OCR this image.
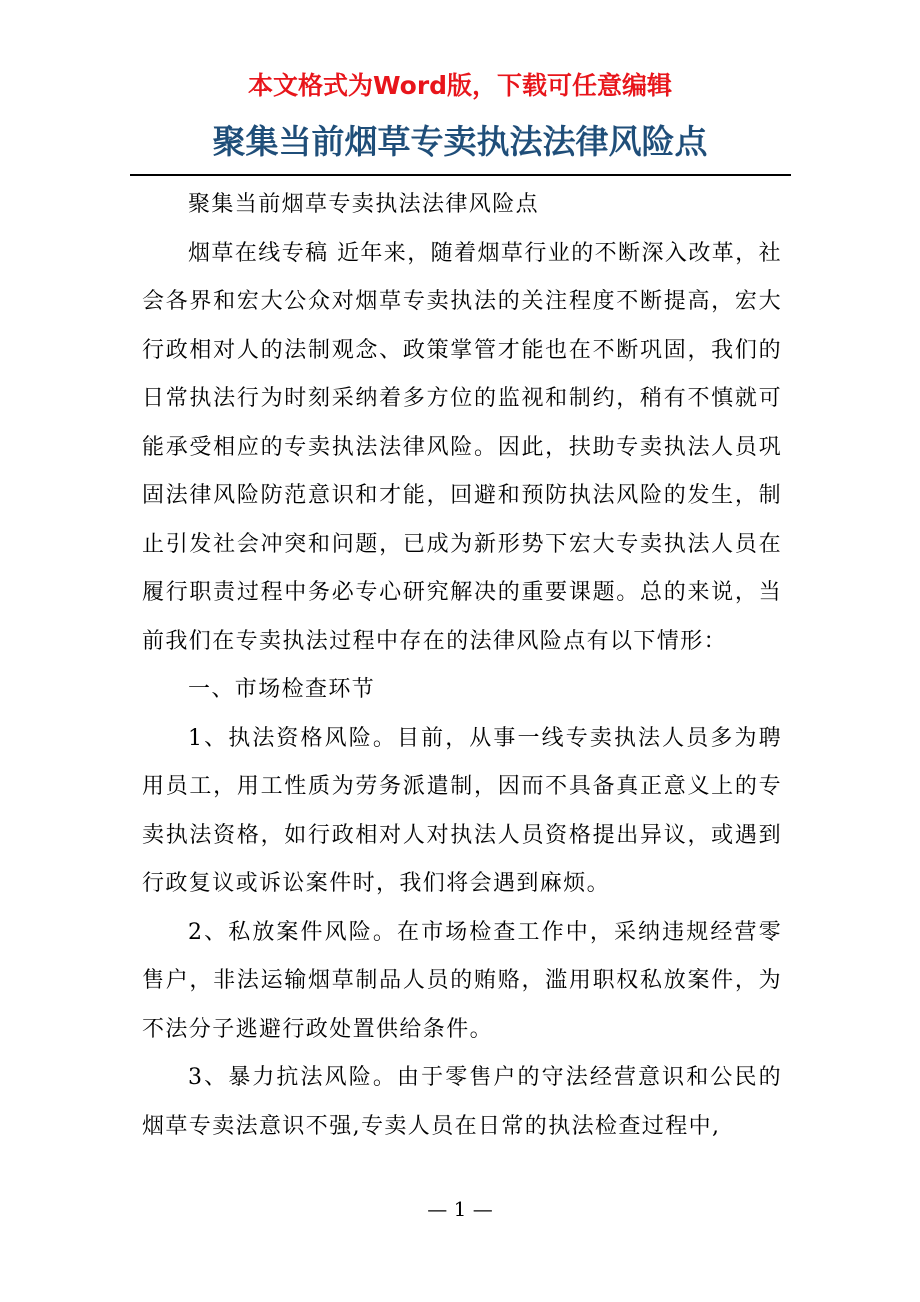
本文格式为Word版，下载可任意编辑
聚集当前烟草专卖执法法律风险点

聚集当前烟草专卖执法法律风险点

烟草在线专稿 近年来，随着烟草行业的不断深入改革，社会各界和宏大公众对烟草专卖执法的关注程度不断提高，宏大行政相对人的法制观念、政策掌管才能也在不断巩固，我们的日常执法行为时刻采纳着多方位的监视和制约，稍有不慎就可能承受相应的专卖执法法律风险。因此，扶助专卖执法人员巩固法律风险防范意识和才能，回避和预防执法风险的发生，制止引发社会冲突和问题，已成为新形势下宏大专卖执法人员在履行职责过程中务必专心研究解决的重要课题。总的来说，当前我们在专卖执法过程中存在的法律风险点有以下情形：

一、市场检查环节

1、执法资格风险。目前，从事一线专卖执法人员多为聘用员工，用工性质为劳务派遣制，因而不具备真正意义上的专卖执法资格，如行政相对人对执法人员资格提出异议，或遇到行政复议或诉讼案件时，我们将会遇到麻烦。

2、私放案件风险。在市场检查工作中，采纳违规经营零售户，非法运输烟草制品人员的贿赂，滥用职权私放案件，为不法分子逃避行政处置供给条件。

3、暴力抗法风险。由于零售户的守法经营意识和公民的烟草专卖法意识不强,专卖人员在日常的执法检查过程中,

— 1 —
